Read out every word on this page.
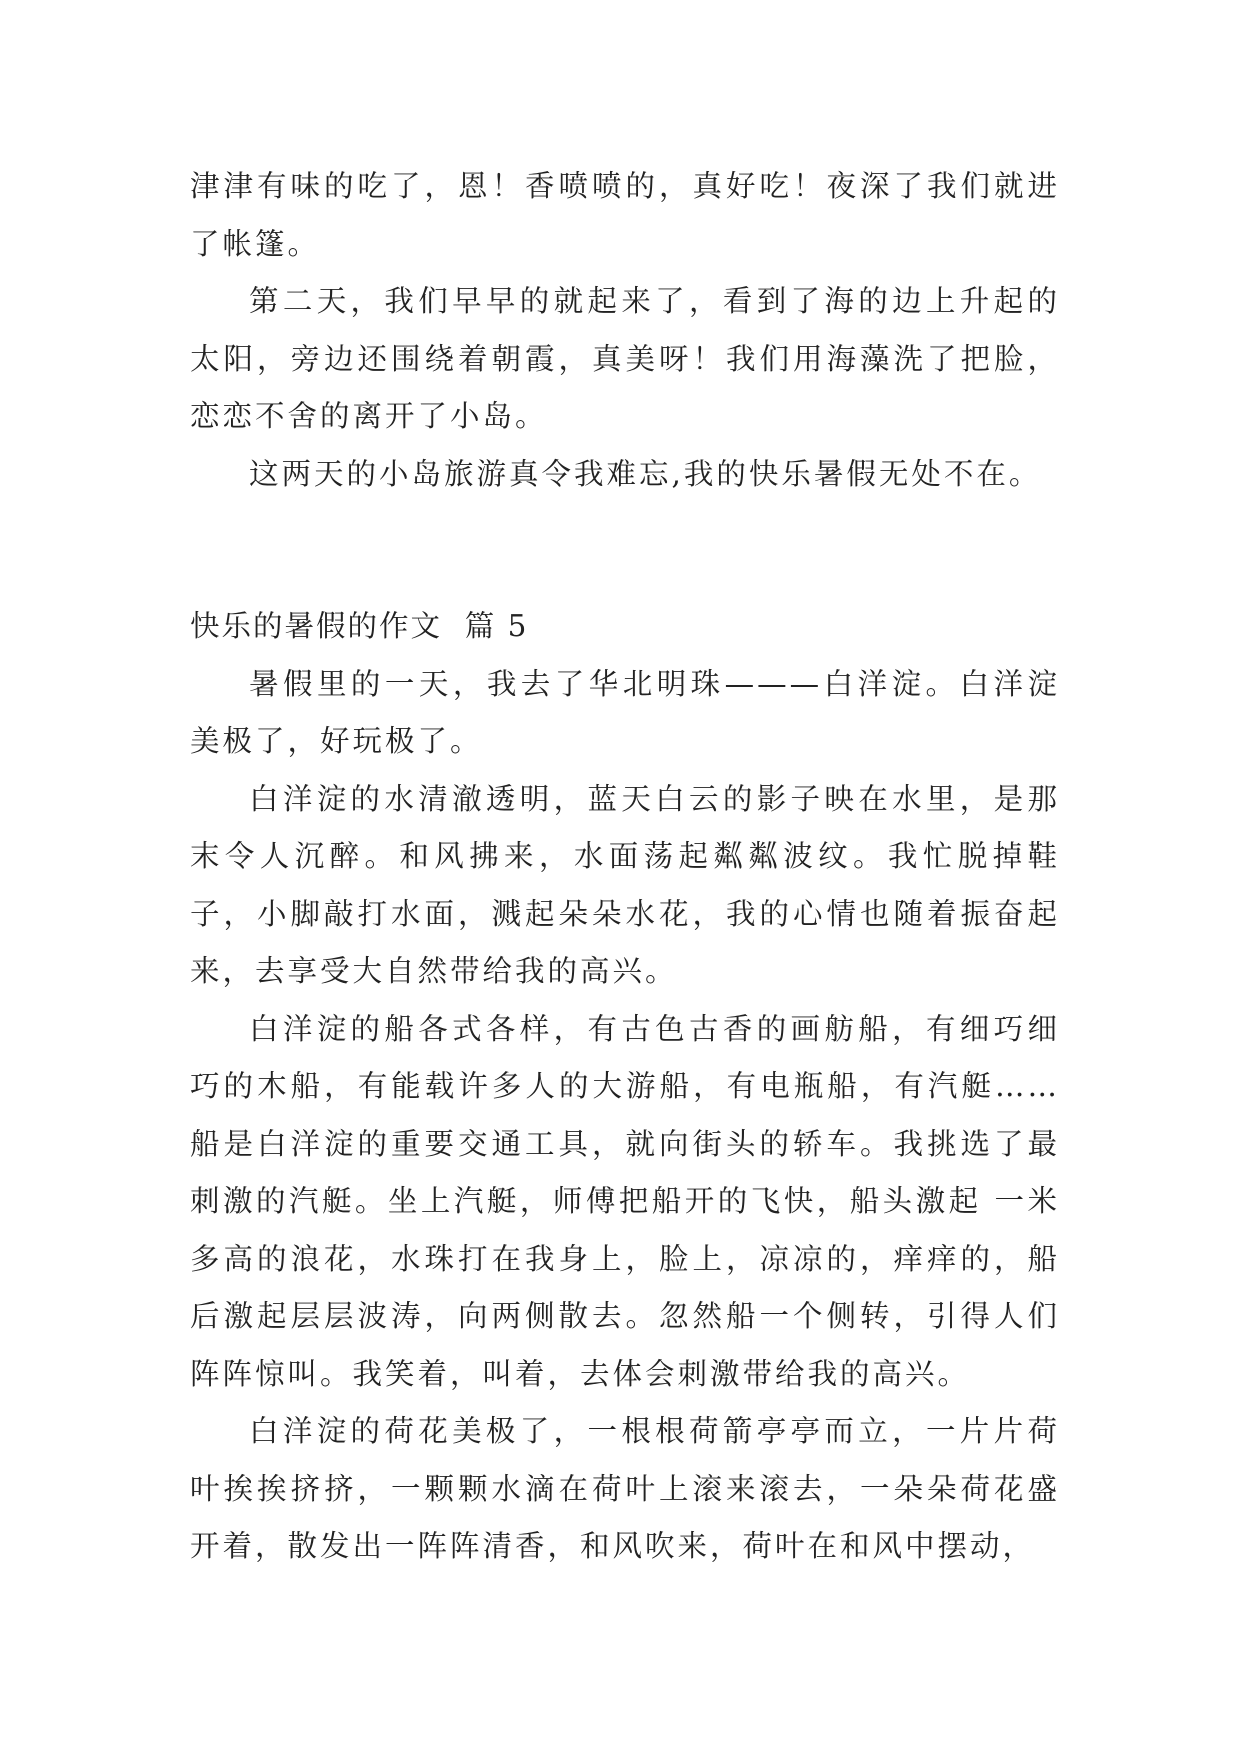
津津有味的吃了，恩！香喷喷的，真好吃！夜深了我们就进了帐篷。

第二天，我们早早的就起来了，看到了海的边上升起的太阳，旁边还围绕着朝霞，真美呀！我们用海藻洗了把脸，恋恋不舍的离开了小岛。

这两天的小岛旅游真令我难忘,我的快乐暑假无处不在。

快乐的暑假的作文  篇 5

暑假里的一天，我去了华北明珠———白洋淀。白洋淀美极了，好玩极了。

白洋淀的水清澈透明，蓝天白云的影子映在水里，是那末令人沉醉。和风拂来，水面荡起粼粼波纹。我忙脱掉鞋子，小脚敲打水面，溅起朵朵水花，我的心情也随着振奋起来，去享受大自然带给我的高兴。

白洋淀的船各式各样，有古色古香的画舫船，有细巧细巧的木船，有能载许多人的大游船，有电瓶船，有汽艇……船是白洋淀的重要交通工具，就向街头的轿车。我挑选了最刺激的汽艇。坐上汽艇，师傅把船开的飞快，船头激起 一米 多高的浪花，水珠打在我身上，脸上，凉凉的，痒痒的，船后激起层层波涛，向两侧散去。忽然船一个侧转，引得人们阵阵惊叫。我笑着，叫着，去体会刺激带给我的高兴。

白洋淀的荷花美极了，一根根荷箭亭亭而立，一片片荷叶挨挨挤挤，一颗颗水滴在荷叶上滚来滚去，一朵朵荷花盛开着，散发出一阵阵清香，和风吹来，荷叶在和风中摆动，
